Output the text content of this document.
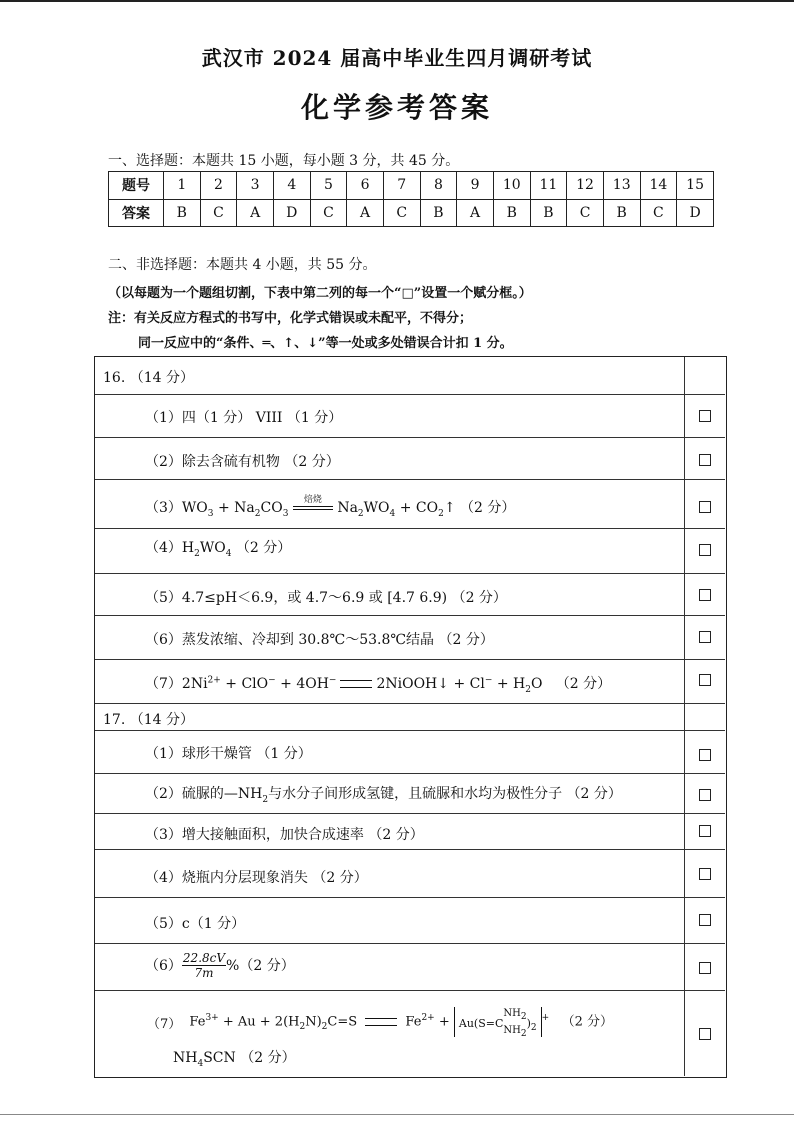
武汉市 2024 届高中毕业生四月调研考试
化学参考答案
一、选择题：本题共 15 小题，每小题 3 分，共 45 分。
题号	1	2	3	4	5	6	7	8	9	10	11	12	13	14	15
答案	B	C	A	D	C	A	C	B	A	B	B	C	B	C	D
二、非选择题：本题共 4 小题，共 55 分。
（以每题为一个题组切割，下表中第二列的每一个“□”设置一个赋分框。）
注：有关反应方程式的书写中，化学式错误或未配平，不得分；
同一反应中的“条件、═、↑、↓”等一处或多处错误合计扣 1 分。
16. （14 分）
（1）四（1 分） VIII （1 分）
（2）除去含硫有机物 （2 分）
$(3)WO_3 + Na_2CO_3$
焙烧 $Na_2WO_4$ + $CO_2↑$ （2 分）
$(4)H_2WO_4$ （2 分）
（5）4.7≤pH＜6.9，或 4.7～6.9 或 [4.7 6.9) （2 分）
（6）蒸发浓缩、冷却到 30.8℃～53.8℃结晶 （2 分）
$(7)2Ni^{2+} + ClO^- + 4OH^-$	2NiOOH↓ + $Cl^- + H_2O$   （2 分）
17. （14 分）
（1）球形干燥管 （1 分）
（2）硫脲的$—NH_2$与水分子间形成氢键，且硫脲和水均为极性分子 （2 分）
（3）增大接触面积，加快合成速率 （2 分）
（4）烧瓶内分层现象消失 （2 分）
（5）c（1 分）
$(6) \frac{22.8cV}{7m} \%(2$ 分）
（7） $Fe^{3+} + Au + 2(H_2N)_2C=S$	$Fe^{2+} + Au(S=CNH_2$
$NH_2)_2^+$ （2 分）
$NH_4SCN$ （2 分）
